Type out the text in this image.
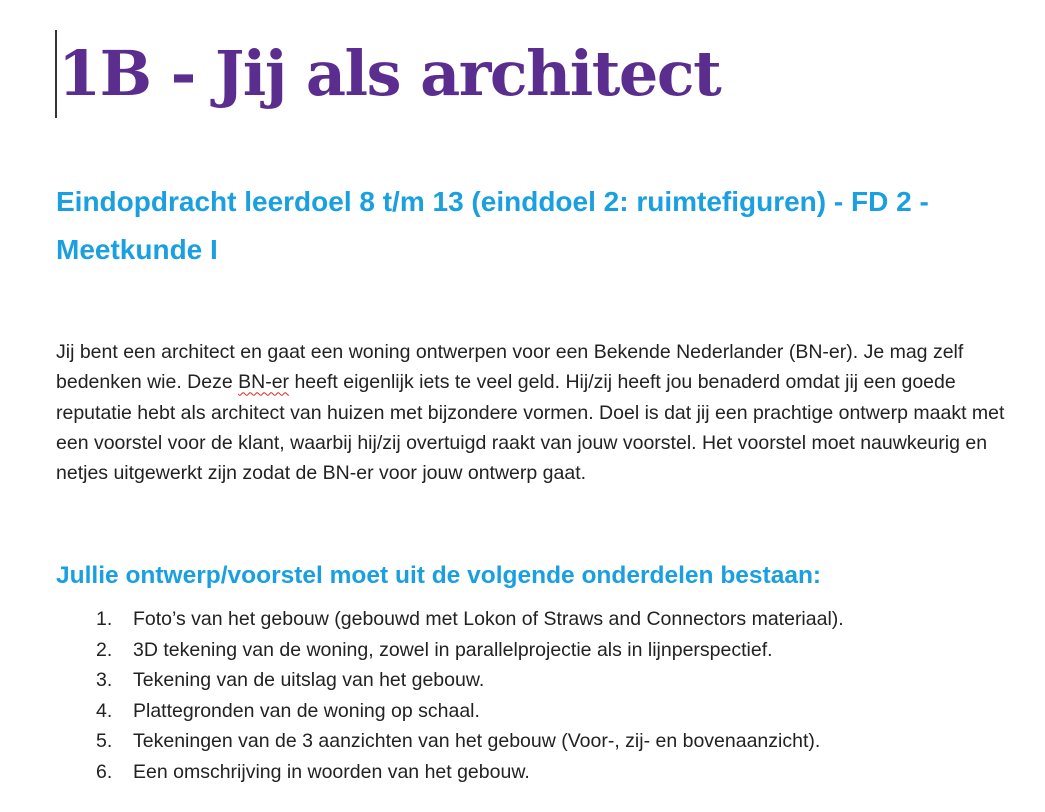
1B - Jij als architect
Eindopdracht leerdoel 8 t/m 13 (einddoel 2: ruimtefiguren) - FD 2 - Meetkunde I

Jij bent een architect en gaat een woning ontwerpen voor een Bekende Nederlander (BN-er). Je mag zelf bedenken wie. Deze BN-er heeft eigenlijk iets te veel geld. Hij/zij heeft jou benaderd omdat jij een goede reputatie hebt als architect van huizen met bijzondere vormen. Doel is dat jij een prachtige ontwerp maakt met een voorstel voor de klant, waarbij hij/zij overtuigd raakt van jouw voorstel. Het voorstel moet nauwkeurig en netjes uitgewerkt zijn zodat de BN-er voor jouw ontwerp gaat.

Jullie ontwerp/voorstel moet uit de volgende onderdelen bestaan:
1. Foto’s van het gebouw (gebouwd met Lokon of Straws and Connectors materiaal).
2. 3D tekening van de woning, zowel in parallelprojectie als in lijnperspectief.
3. Tekening van de uitslag van het gebouw.
4. Plattegronden van de woning op schaal.
5. Tekeningen van de 3 aanzichten van het gebouw (Voor-, zij- en bovenaanzicht).
6. Een omschrijving in woorden van het gebouw.
